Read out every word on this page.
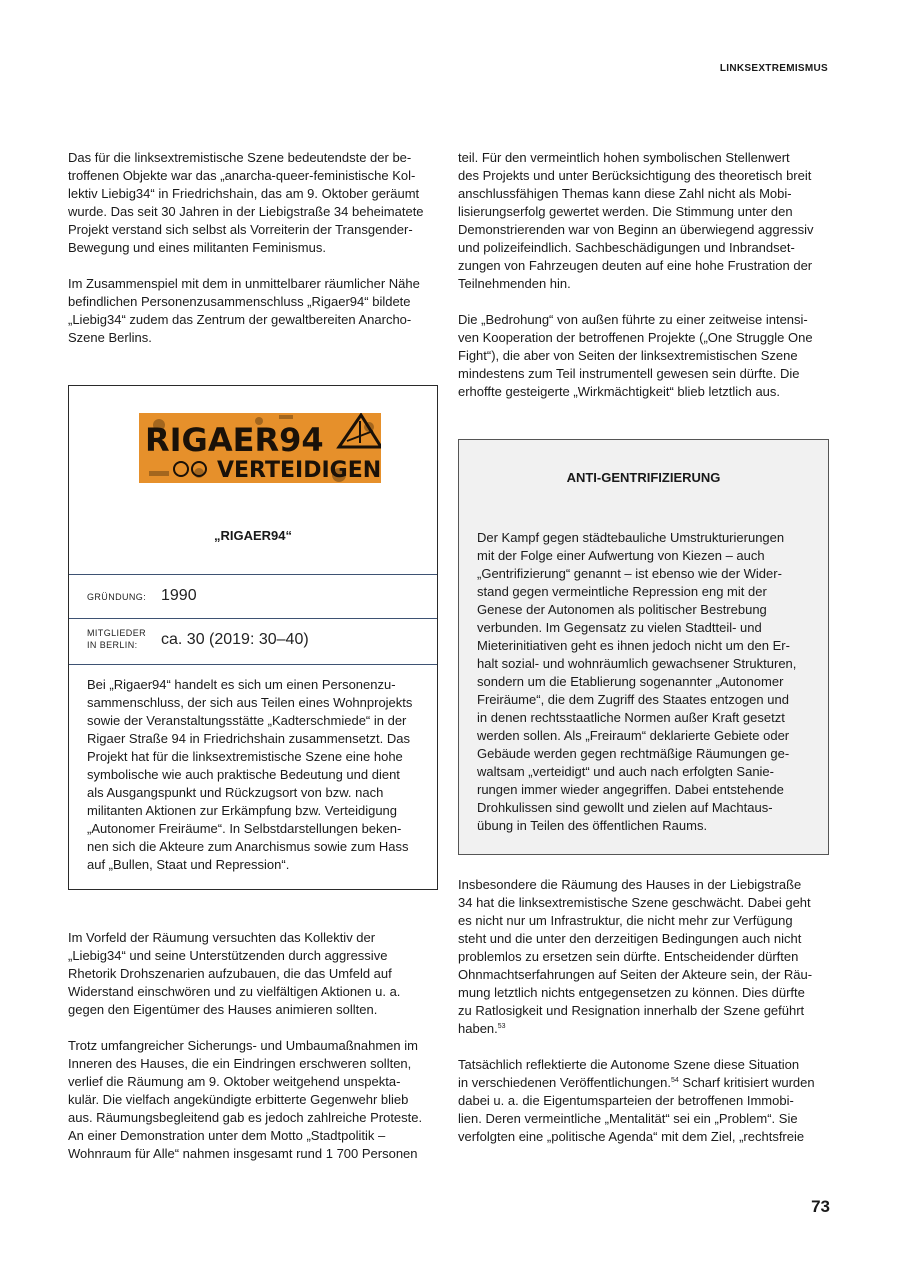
LINKSEXTREMISMUS

Das für die linksextremistische Szene bedeutendste der be-
troffenen Objekte war das „anarcha-queer-feministische Kol-
lektiv Liebig34“ in Friedrichshain, das am 9. Oktober geräumt
wurde. Das seit 30 Jahren in der Liebigstraße 34 beheimatete
Projekt verstand sich selbst als Vorreiterin der Transgender-
Bewegung und eines militanten Feminismus.

Im Zusammenspiel mit dem in unmittelbarer räumlicher Nähe
befindlichen Personenzusammenschluss „Rigaer94“ bildete
„Liebig34“ zudem das Zentrum der gewaltbereiten Anarcho-
Szene Berlins.

RIGAER94
VERTEIDIGEN
„RIGAER94“
GRÜNDUNG: 1990
MITGLIEDER
IN BERLIN:	ca. 30 (2019: 30–40)
Bei „Rigaer94“ handelt es sich um einen Personenzu-
sammenschluss, der sich aus Teilen eines Wohnprojekts
sowie der Veranstaltungsstätte „Kadterschmiede“ in der
Rigaer Straße 94 in Friedrichshain zusammensetzt. Das
Projekt hat für die linksextremistische Szene eine hohe
symbolische wie auch praktische Bedeutung und dient
als Ausgangspunkt und Rückzugsort von bzw. nach
militanten Aktionen zur Erkämpfung bzw. Verteidigung
„Autonomer Freiräume“. In Selbstdarstellungen beken-
nen sich die Akteure zum Anarchismus sowie zum Hass
auf „Bullen, Staat und Repression“.

Im Vorfeld der Räumung versuchten das Kollektiv der
„Liebig34“ und seine Unterstützenden durch aggressive
Rhetorik Drohszenarien aufzubauen, die das Umfeld auf
Widerstand einschwören und zu vielfältigen Aktionen u. a.
gegen den Eigentümer des Hauses animieren sollten.

Trotz umfangreicher Sicherungs- und Umbaumaßnahmen im
Inneren des Hauses, die ein Eindringen erschweren sollten,
verlief die Räumung am 9. Oktober weitgehend unspekta-
kulär. Die vielfach angekündigte erbitterte Gegenwehr blieb
aus. Räumungsbegleitend gab es jedoch zahlreiche Proteste.
An einer Demonstration unter dem Motto „Stadtpolitik –
Wohnraum für Alle“ nahmen insgesamt rund 1 700 Personen

teil. Für den vermeintlich hohen symbolischen Stellenwert
des Projekts und unter Berücksichtigung des theoretisch breit
anschlussfähigen Themas kann diese Zahl nicht als Mobi-
lisierungserfolg gewertet werden. Die Stimmung unter den
Demonstrierenden war von Beginn an überwiegend aggressiv
und polizeifeindlich. Sachbeschädigungen und Inbrandset-
zungen von Fahrzeugen deuten auf eine hohe Frustration der
Teilnehmenden hin.

Die „Bedrohung“ von außen führte zu einer zeitweise intensi-
ven Kooperation der betroffenen Projekte („One Struggle One
Fight“), die aber von Seiten der linksextremistischen Szene
mindestens zum Teil instrumentell gewesen sein dürfte. Die
erhoffte gesteigerte „Wirkmächtigkeit“ blieb letztlich aus.

ANTI-GENTRIFIZIERUNG
Der Kampf gegen städtebauliche Umstrukturierungen
mit der Folge einer Aufwertung von Kiezen – auch
„Gentrifizierung“ genannt – ist ebenso wie der Wider-
stand gegen vermeintliche Repression eng mit der
Genese der Autonomen als politischer Bestrebung
verbunden. Im Gegensatz zu vielen Stadtteil- und
Mieterinitiativen geht es ihnen jedoch nicht um den Er-
halt sozial- und wohnräumlich gewachsener Strukturen,
sondern um die Etablierung sogenannter „Autonomer
Freiräume“, die dem Zugriff des Staates entzogen und
in denen rechtsstaatliche Normen außer Kraft gesetzt
werden sollen. Als „Freiraum“ deklarierte Gebiete oder
Gebäude werden gegen rechtmäßige Räumungen ge-
waltsam „verteidigt“ und auch nach erfolgten Sanie-
rungen immer wieder angegriffen. Dabei entstehende
Drohkulissen sind gewollt und zielen auf Machtaus-
übung in Teilen des öffentlichen Raums.

Insbesondere die Räumung des Hauses in der Liebigstraße
34 hat die linksextremistische Szene geschwächt. Dabei geht
es nicht nur um Infrastruktur, die nicht mehr zur Verfügung
steht und die unter den derzeitigen Bedingungen auch nicht
problemlos zu ersetzen sein dürfte. Entscheidender dürften
Ohnmachtserfahrungen auf Seiten der Akteure sein, der Räu-
mung letztlich nichts entgegensetzen zu können. Dies dürfte
zu Ratlosigkeit und Resignation innerhalb der Szene geführt
haben.$^{53}$

Tatsächlich reflektierte die Autonome Szene diese Situation
in verschiedenen Veröffentlichungen.$^{54}$ Scharf kritisiert wurden
dabei u. a. die Eigentumsparteien der betroffenen Immobi-
lien. Deren vermeintliche „Mentalität“ sei ein „Problem“. Sie
verfolgten eine „politische Agenda“ mit dem Ziel, „rechtsfreie

73
